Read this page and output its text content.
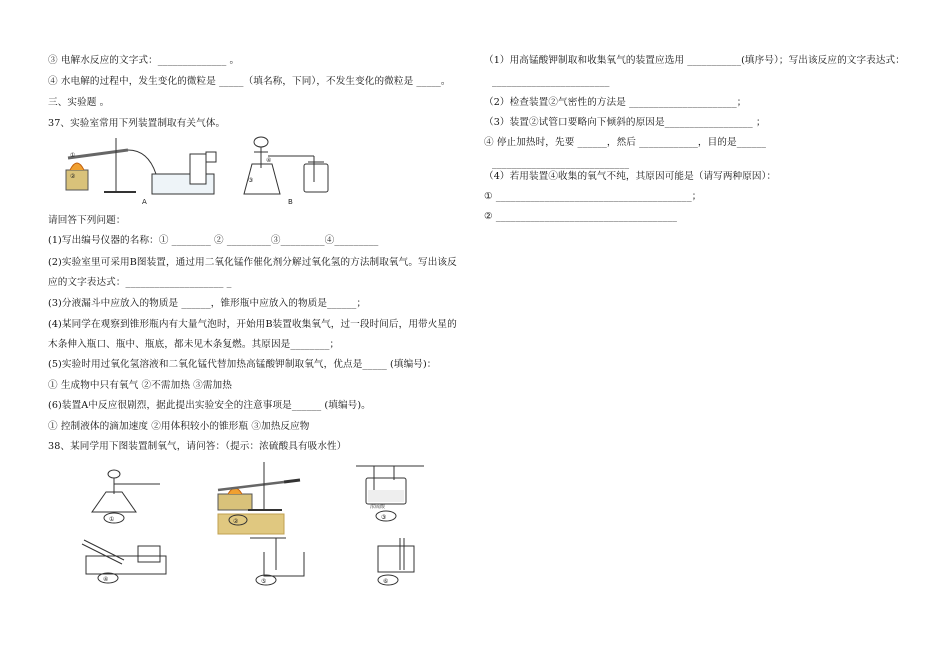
③ 电解水反应的文字式：______________ 。
④ 水电解的过程中，发生变化的微粒是 _____（填名称，下同），不发生变化的微粒是 _____。
三、实验题 。
37、实验室常用下列装置制取有关气体。
A
①
②
③
④
B
请回答下列问题：
(1)写出编号仪器的名称：① ________ ② _________③_________④_________
(2)实验室里可采用B图装置，通过用二氧化锰作催化剂分解过氧化氢的方法制取氧气。写出该反
应的文字表达式：____________________ _
(3)分液漏斗中应放入的物质是 ______，锥形瓶中应放入的物质是______；
(4)某同学在观察到锥形瓶内有大量气泡时，开始用B装置收集氧气，过一段时间后，用带火星的
木条伸入瓶口、瓶中、瓶底，都未见木条复燃。其原因是________；
(5)实验时用过氧化氢溶液和二氧化锰代替加热高锰酸钾制取氧气，优点是_____ (填编号)：
① 生成物中只有氧气 ②不需加热 ③需加热
(6)装置A中反应很剧烈，据此提出实验安全的注意事项是______ (填编号)。
① 控制液体的滴加速度 ②用体积较小的锥形瓶 ③加热反应物
38、某同学用下图装置制氧气，请问答：（提示：浓硫酸具有吸水性）
①	②
③
浓硫酸
④	⑤	⑥
（1）用高锰酸钾制取和收集氧气的装置应选用 ___________(填序号）；写出该反应的文字表达式：
________________________
（2）检查装置②气密性的方法是 ______________________；
（3）装置②试管口要略向下倾斜的原因是__________________ ；
④ 停止加热时，先要 ______，然后 ____________，目的是______
____________________________
（4）若用装置④收集的氧气不纯，其原因可能是（请写两种原因）：
① ________________________________________；
② _____________________________________
